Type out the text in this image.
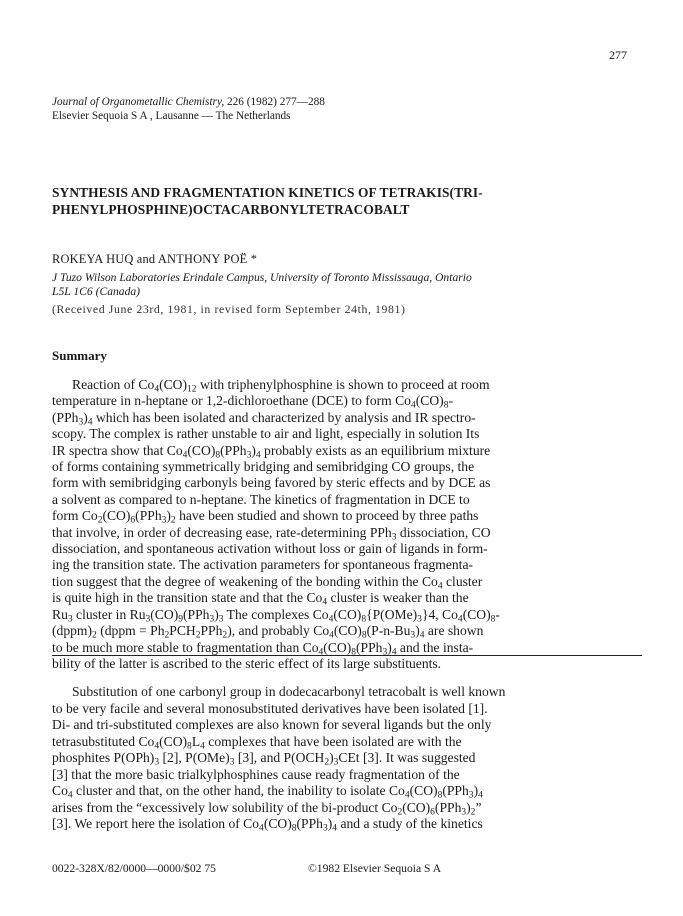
277
Journal of Organometallic Chemistry, 226 (1982) 277—288
Elsevier Sequoia S A , Lausanne — The Netherlands
SYNTHESIS AND FRAGMENTATION KINETICS OF TETRAKIS(TRI-
PHENYLPHOSPHINE)OCTACARBONYLTETRACOBALT
ROKEYA HUQ and ANTHONY POË *
J Tuzo Wilson Laboratories Erindale Campus, University of Toronto Mississauga, Ontario
L5L 1C6 (Canada)
(Received June 23rd, 1981, in revised form September 24th, 1981)
Summary
Reaction of $Co_4(CO)_{12}$ with triphenylphosphine is shown to proceed at room
temperature in n-heptane or 1,2-dichloroethane (DCE) to form $Co_4(CO)_8-$
$(PPh_3)_4$ which has been isolated and characterized by analysis and IR spectro-
scopy. The complex is rather unstable to air and light, especially in solution Its
IR spectra show that $Co_4(CO)_8(PPh_3)_4$ probably exists as an equilibrium mixture
of forms containing symmetrically bridging and semibridging CO groups, the
form with semibridging carbonyls being favored by steric effects and by DCE as
a solvent as compared to n-heptane. The kinetics of fragmentation in DCE to
form $Co_2(CO)_6(PPh_3)_2$ have been studied and shown to proceed by three paths
that involve, in order of decreasing ease, rate-determining PPh$_3$ dissociation, CO
dissociation, and spontaneous activation without loss or gain of ligands in form-
ing the transition state. The activation parameters for spontaneous fragmenta-
tion suggest that the degree of weakening of the bonding within the $Co_4$ cluster
is quite high in the transition state and that the $Co_4$ cluster is weaker than the
$Ru_3$ cluster in $Ru_3(CO)_9(PPh_3)_3$ The complexes $Co_4(CO)_8\{P(OMe)_3\}4$, $Co_4(CO)_8-$
$(dppm)_2$ (dppm = $Ph_2PCH_2PPh_2$), and probably $Co_4(CO)_8(P-n-Bu_3)_4$ are shown
to be much more stable to fragmentation than $Co_4(CO)_8(PPh_3)_4$ and the insta-
bility of the latter is ascribed to the steric effect of its large substituents.
Substitution of one carbonyl group in dodecacarbonyl tetracobalt is well known
to be very facile and several monosubstituted derivatives have been isolated [1].
Di- and tri-substituted complexes are also known for several ligands but the only
tetrasubstituted $Co_4(CO)_8L_4$ complexes that have been isolated are with the
phosphites $P(OPh)_3$ [2], $P(OMe)_3$ [3], and $P(OCH_2)_3CEt$ [3]. It was suggested
[3] that the more basic trialkylphosphines cause ready fragmentation of the
$Co_4$ cluster and that, on the other hand, the inability to isolate $Co_4(CO)_8(PPh_3)_4$
arises from the “excessively low solubility of the bi-product $Co_2(CO)_6(PPh_3)_2$”
[3]. We report here the isolation of $Co_4(CO)_8(PPh_3)_4$ and a study of the kinetics
0022-328X/82/0000—0000/$02 75	©1982 Elsevier Sequoia S A
